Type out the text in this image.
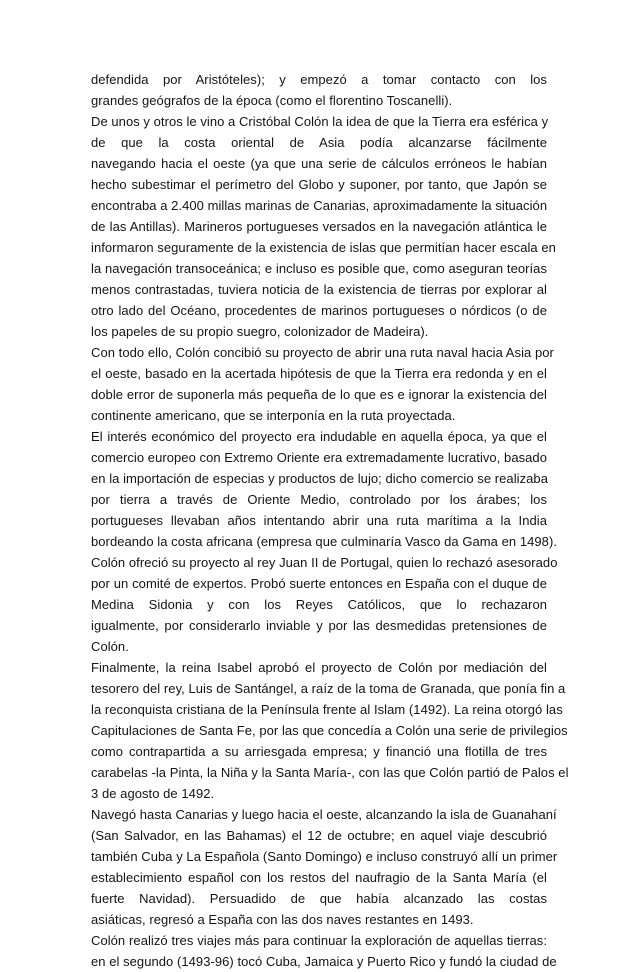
defendida por Aristóteles); y empezó a tomar contacto con los
grandes geógrafos de la época (como el florentino Toscanelli).
De unos y otros le vino a Cristóbal Colón la idea de que la Tierra era esférica y
de que la costa oriental de Asia podía alcanzarse fácilmente
navegando hacia el oeste (ya que una serie de cálculos erróneos le habían
hecho subestimar el perímetro del Globo y suponer, por tanto, que Japón se
encontraba a 2.400 millas marinas de Canarias, aproximadamente la situación
de las Antillas). Marineros portugueses versados en la navegación atlántica le
informaron seguramente de la existencia de islas que permitían hacer escala en
la navegación transoceánica; e incluso es posible que, como aseguran teorías
menos contrastadas, tuviera noticia de la existencia de tierras por explorar al
otro lado del Océano, procedentes de marinos portugueses o nórdicos (o de
los papeles de su propio suegro, colonizador de Madeira).
Con todo ello, Colón concibió su proyecto de abrir una ruta naval hacia Asia por
el oeste, basado en la acertada hipótesis de que la Tierra era redonda y en el
doble error de suponerla más pequeña de lo que es e ignorar la existencia del
continente americano, que se interponía en la ruta proyectada.
El interés económico del proyecto era indudable en aquella época, ya que el
comercio europeo con Extremo Oriente era extremadamente lucrativo, basado
en la importación de especias y productos de lujo; dicho comercio se realizaba
por tierra a través de Oriente Medio, controlado por los árabes; los
portugueses llevaban años intentando abrir una ruta marítima a la India
bordeando la costa africana (empresa que culminaría Vasco da Gama en 1498).
Colón ofreció su proyecto al rey Juan II de Portugal, quien lo rechazó asesorado
por un comité de expertos. Probó suerte entonces en España con el duque de
Medina Sidonia y con los Reyes Católicos, que lo rechazaron
igualmente, por considerarlo inviable y por las desmedidas pretensiones de
Colón.
Finalmente, la reina Isabel aprobó el proyecto de Colón por mediación del
tesorero del rey, Luis de Santángel, a raíz de la toma de Granada, que ponía fin a
la reconquista cristiana de la Península frente al Islam (1492). La reina otorgó las
Capitulaciones de Santa Fe, por las que concedía a Colón una serie de privilegios
como contrapartida a su arriesgada empresa; y financió una flotilla de tres
carabelas -la Pinta, la Niña y la Santa María-, con las que Colón partió de Palos el
3 de agosto de 1492.
Navegó hasta Canarias y luego hacia el oeste, alcanzando la isla de Guanahaní
(San Salvador, en las Bahamas) el 12 de octubre; en aquel viaje descubrió
también Cuba y La Española (Santo Domingo) e incluso construyó allí un primer
establecimiento español con los restos del naufragio de la Santa María (el
fuerte Navidad). Persuadido de que había alcanzado las costas
asiáticas, regresó a España con las dos naves restantes en 1493.
Colón realizó tres viajes más para continuar la exploración de aquellas tierras:
en el segundo (1493-96) tocó Cuba, Jamaica y Puerto Rico y fundó la ciudad de
